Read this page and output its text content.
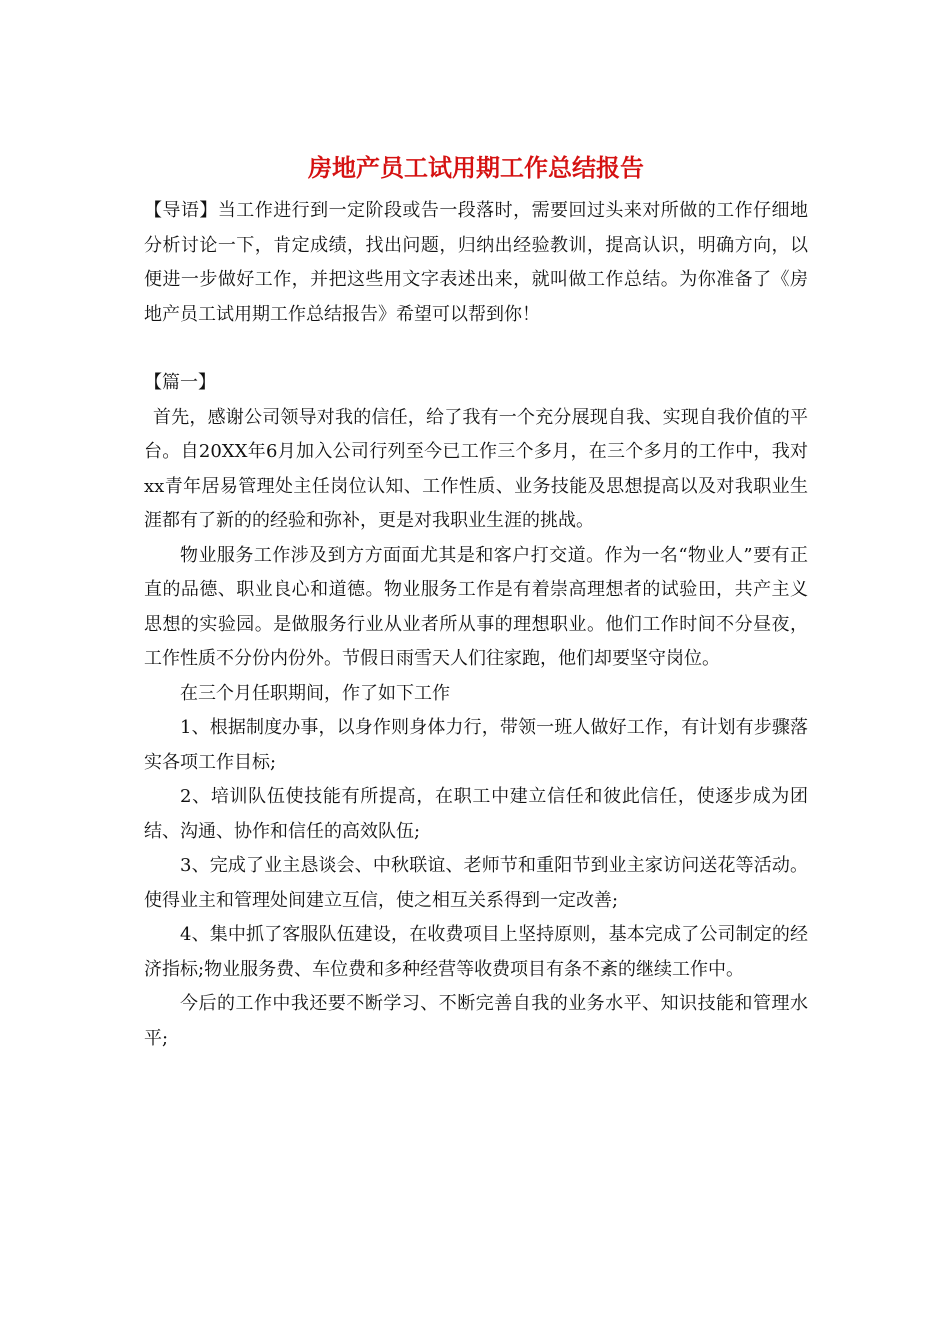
房地产员工试用期工作总结报告

【导语】当工作进行到一定阶段或告一段落时，需要回过头来对所做的工作仔细地分析讨论一下，肯定成绩，找出问题，归纳出经验教训，提高认识，明确方向，以便进一步做好工作，并把这些用文字表述出来，就叫做工作总结。为你准备了《房地产员工试用期工作总结报告》希望可以帮到你！

【篇一】

首先，感谢公司领导对我的信任，给了我有一个充分展现自我、实现自我价值的平台。自20XX年6月加入公司行列至今已工作三个多月，在三个多月的工作中，我对xx青年居易管理处主任岗位认知、工作性质、业务技能及思想提高以及对我职业生涯都有了新的的经验和弥补，更是对我职业生涯的挑战。

物业服务工作涉及到方方面面尤其是和客户打交道。作为一名“物业人”要有正直的品德、职业良心和道德。物业服务工作是有着崇高理想者的试验田，共产主义思想的实验园。是做服务行业从业者所从事的理想职业。他们工作时间不分昼夜，工作性质不分份内份外。节假日雨雪天人们往家跑，他们却要坚守岗位。

在三个月任职期间，作了如下工作

1、根据制度办事，以身作则身体力行，带领一班人做好工作，有计划有步骤落实各项工作目标;

2、培训队伍使技能有所提高，在职工中建立信任和彼此信任，使逐步成为团结、沟通、协作和信任的高效队伍;

3、完成了业主恳谈会、中秋联谊、老师节和重阳节到业主家访问送花等活动。使得业主和管理处间建立互信，使之相互关系得到一定改善;

4、集中抓了客服队伍建设，在收费项目上坚持原则，基本完成了公司制定的经济指标;物业服务费、车位费和多种经营等收费项目有条不紊的继续工作中。

今后的工作中我还要不断学习、不断完善自我的业务水平、知识技能和管理水平;
